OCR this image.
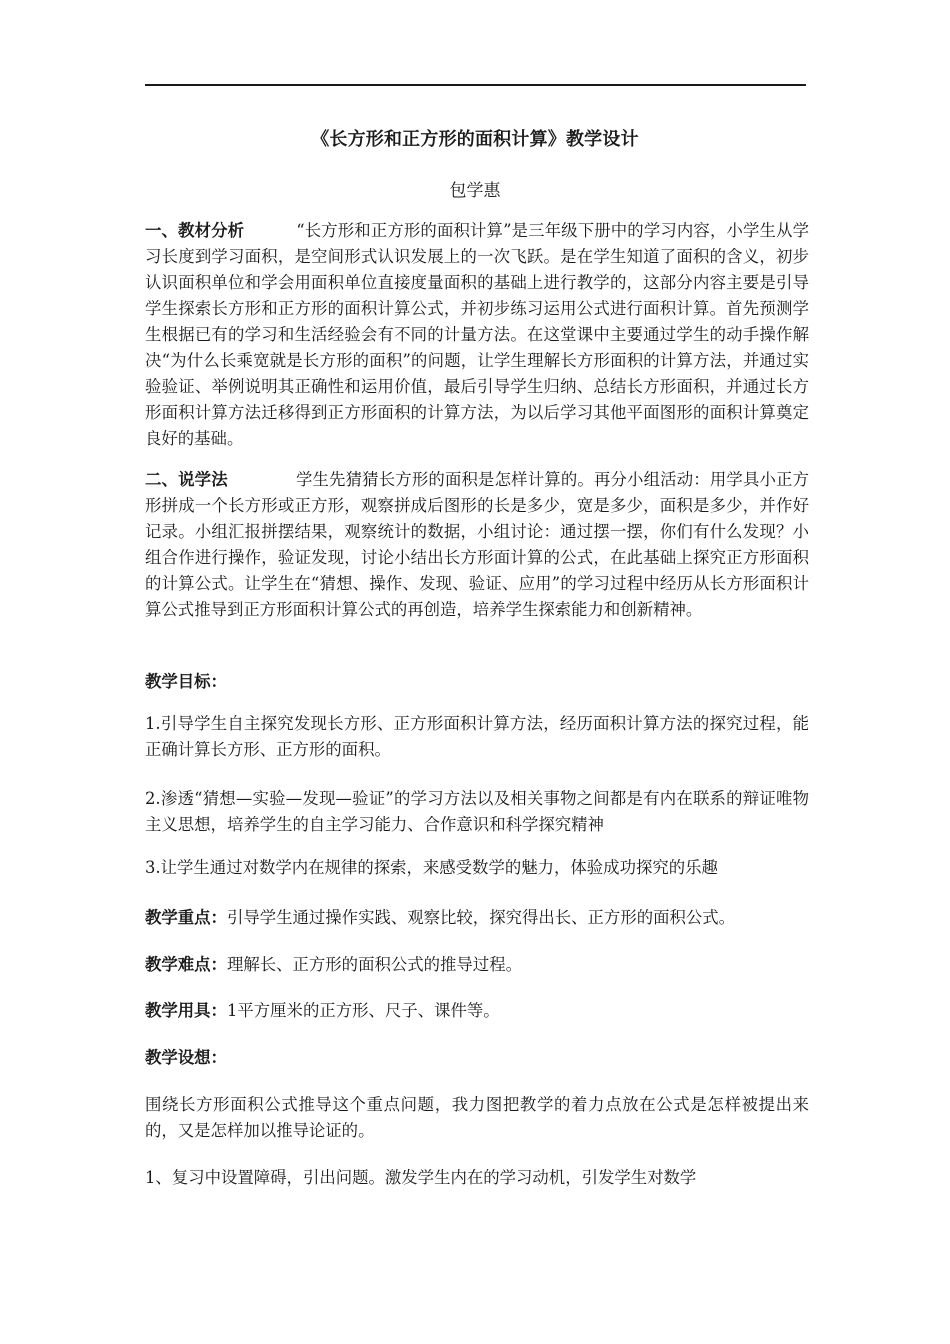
《长方形和正方形的面积计算》教学设计
包学惠

一、教材分析	“长方形和正方形的面积计算”是三年级下册中的学习内容，小学生从学习长度到学习面积，是空间形式认识发展上的一次飞跃。是在学生知道了面积的含义，初步认识面积单位和学会用面积单位直接度量面积的基础上进行教学的，这部分内容主要是引导学生探索长方形和正方形的面积计算公式，并初步练习运用公式进行面积计算。首先预测学生根据已有的学习和生活经验会有不同的计量方法。在这堂课中主要通过学生的动手操作解决“为什么长乘宽就是长方形的面积”的问题，让学生理解长方形面积的计算方法，并通过实验验证、举例说明其正确性和运用价值，最后引导学生归纳、总结长方形面积，并通过长方形面积计算方法迁移得到正方形面积的计算方法，为以后学习其他平面图形的面积计算奠定良好的基础。

二、说学法	学生先猜猜长方形的面积是怎样计算的。再分小组活动：用学具小正方形拼成一个长方形或正方形，观察拼成后图形的长是多少，宽是多少，面积是多少，并作好记录。小组汇报拼摆结果，观察统计的数据，小组讨论：通过摆一摆，你们有什么发现？小组合作进行操作，验证发现，讨论小结出长方形面计算的公式，在此基础上探究正方形面积的计算公式。让学生在“猜想、操作、发现、验证、应用”的学习过程中经历从长方形面积计算公式推导到正方形面积计算公式的再创造，培养学生探索能力和创新精神。

教学目标：

1.引导学生自主探究发现长方形、正方形面积计算方法，经历面积计算方法的探究过程，能正确计算长方形、正方形的面积。

2.渗透“猜想—实验—发现—验证”的学习方法以及相关事物之间都是有内在联系的辩证唯物主义思想，培养学生的自主学习能力、合作意识和科学探究精神

3.让学生通过对数学内在规律的探索，来感受数学的魅力，体验成功探究的乐趣

教学重点：引导学生通过操作实践、观察比较，探究得出长、正方形的面积公式。

教学难点：理解长、正方形的面积公式的推导过程。

教学用具：1平方厘米的正方形、尺子、课件等。

教学设想：

围绕长方形面积公式推导这个重点问题，我力图把教学的着力点放在公式是怎样被提出来的，又是怎样加以推导论证的。

1、复习中设置障碍，引出问题。激发学生内在的学习动机，引发学生对数学
